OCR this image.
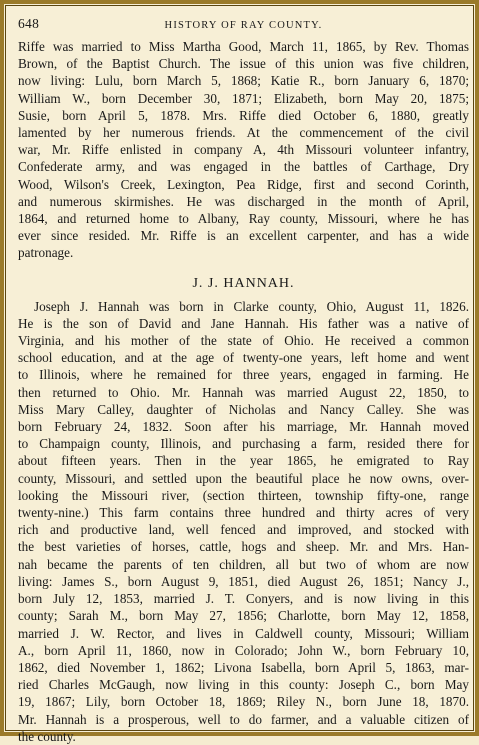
648	HISTORY OF RAY COUNTY.
Riffe was married to Miss Martha Good, March 11, 1865, by Rev. Thomas
Brown, of the Baptist Church. The issue of this union was five children,
now living: Lulu, born March 5, 1868; Katie R., born January 6, 1870;
William W., born December 30, 1871; Elizabeth, born May 20, 1875;
Susie, born April 5, 1878. Mrs. Riffe died October 6, 1880, greatly
lamented by her numerous friends. At the commencement of the civil
war, Mr. Riffe enlisted in company A, 4th Missouri volunteer infantry,
Confederate army, and was engaged in the battles of Carthage, Dry
Wood, Wilson's Creek, Lexington, Pea Ridge, first and second Corinth,
and numerous skirmishes. He was discharged in the month of April,
1864, and returned home to Albany, Ray county, Missouri, where he has
ever since resided. Mr. Riffe is an excellent carpenter, and has a wide
patronage.
J. J. HANNAH.
Joseph J. Hannah was born in Clarke county, Ohio, August 11, 1826.
He is the son of David and Jane Hannah. His father was a native of
Virginia, and his mother of the state of Ohio. He received a common
school education, and at the age of twenty-one years, left home and went
to Illinois, where he remained for three years, engaged in farming. He
then returned to Ohio. Mr. Hannah was married August 22, 1850, to
Miss Mary Calley, daughter of Nicholas and Nancy Calley. She was
born February 24, 1832. Soon after his marriage, Mr. Hannah moved
to Champaign county, Illinois, and purchasing a farm, resided there for
about fifteen years. Then in the year 1865, he emigrated to Ray
county, Missouri, and settled upon the beautiful place he now owns, over-
looking the Missouri river, (section thirteen, township fifty-one, range
twenty-nine.) This farm contains three hundred and thirty acres of very
rich and productive land, well fenced and improved, and stocked with
the best varieties of horses, cattle, hogs and sheep. Mr. and Mrs. Han-
nah became the parents of ten children, all but two of whom are now
living: James S., born August 9, 1851, died August 26, 1851; Nancy J.,
born July 12, 1853, married J. T. Conyers, and is now living in this
county; Sarah M., born May 27, 1856; Charlotte, born May 12, 1858,
married J. W. Rector, and lives in Caldwell county, Missouri; William
A., born April 11, 1860, now in Colorado; John W., born February 10,
1862, died November 1, 1862; Livona Isabella, born April 5, 1863, mar-
ried Charles McGaugh, now living in this county: Joseph C., born May
19, 1867; Lily, born October 18, 1869; Riley N., born June 18, 1870.
Mr. Hannah is a prosperous, well to do farmer, and a valuable citizen of
the county.
